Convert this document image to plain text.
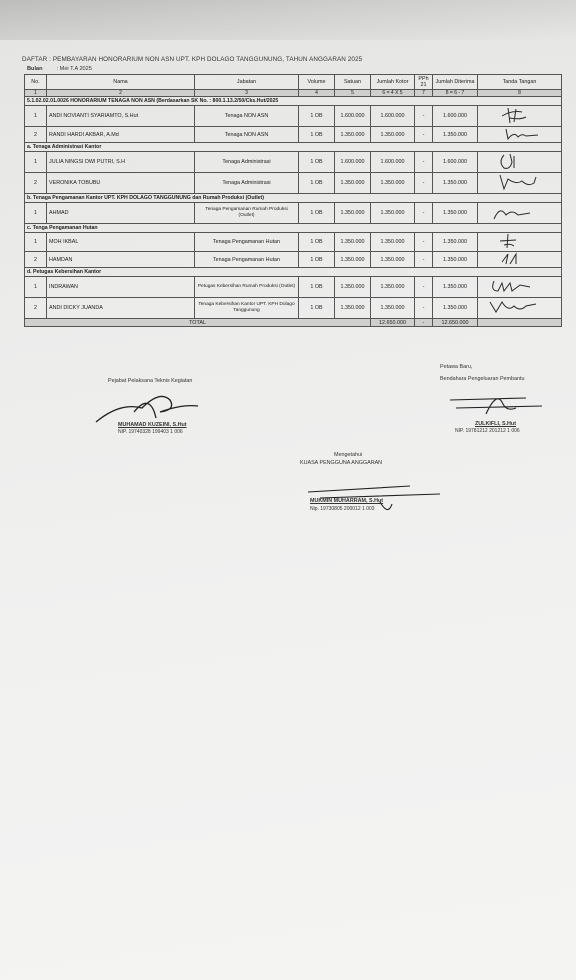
DAFTAR : PEMBAYARAN HONORARIUM NON ASN UPT. KPH DOLAGO TANGGUNUNG, TAHUN ANGGARAN 2025
Bulan	: Mei T.A 2025
No.	Nama	Jabatan	Volume	Satuan	Jumlah Kotor	PPh 21	Jumlah Diterima	Tanda Tangan
1	2	3	4	5	6 = 4 X 5	7	8 = 6 - 7	8
5.1.02.02.01.0026 HONORARIUM TENAGA NON ASN (Berdasarkan SK No. : 800.1.13.2/50/Cks.Hut/2025								
1	ANDI NOVIANTI SYARIAMTO, S.Hut	Tenaga NON ASN	1 OB	1.600.000	1.600.000	-	1.600.000	
2	RANDI HARDI AKBAR, A.Md	Tenaga NON ASN	1 OB	1.350.000	1.350.000	-	1.350.000	
a. Tenaga Administrasi Kantor								
1	JULIA NINGSI DWI PUTRI, S.H	Tenaga Administrasi	1 OB	1.600.000	1.600.000	-	1.600.000	
2	VERONIKA TOBUBU	Tenaga Administrasi	1 OB	1.350.000	1.350.000	-	1.350.000	
b. Tenaga Pengamanan Kantor UPT. KPH DOLAGO TANGGUNUNG dan Rumah Produksi (Outlet)								
1	AHMAD	Tenaga Pengamanan Rumah Produksi (Outlet)	1 OB	1.350.000	1.350.000	-	1.350.000	
c. Tenga Pengamanan Hutan								
1	MOH IKBAL	Tenaga Pengamanan Hutan	1 OB	1.350.000	1.350.000	-	1.350.000	
2	HAMDAN	Tenaga Pengamanan Hutan	1 OB	1.350.000	1.350.000	-	1.350.000	
d. Petugas Kebersihan Kantor								
1	INDRAWAN	Petugas Kebersihan Rumah Produksi (Outlet)	1 OB	1.350.000	1.350.000	-	1.350.000	
2	ANDI DICKY JUANDA	Tenaga Kebersihan Kantor UPT. KPH Dolago Tanggunung	1 OB	1.350.000	1.350.000	-	1.350.000	
TOTAL					12.650.000	-	12.650.000	
Petawa Baru,
Pejabat Pelaksana Teknis Kegiatan	Bendahara Pengeluaran Pembantu
MUHAMAD KUZEINI, S.Hut
NIP. 19740328 199403 1 006
ZULKIFLI, S.Hut
NIP. 19781212 201212 1 006
Mengetahui
KUASA PENGGUNA ANGGARAN
MUKMIN MUHARRAM, S.Hut
Nip. 19730805 200012 1 003
